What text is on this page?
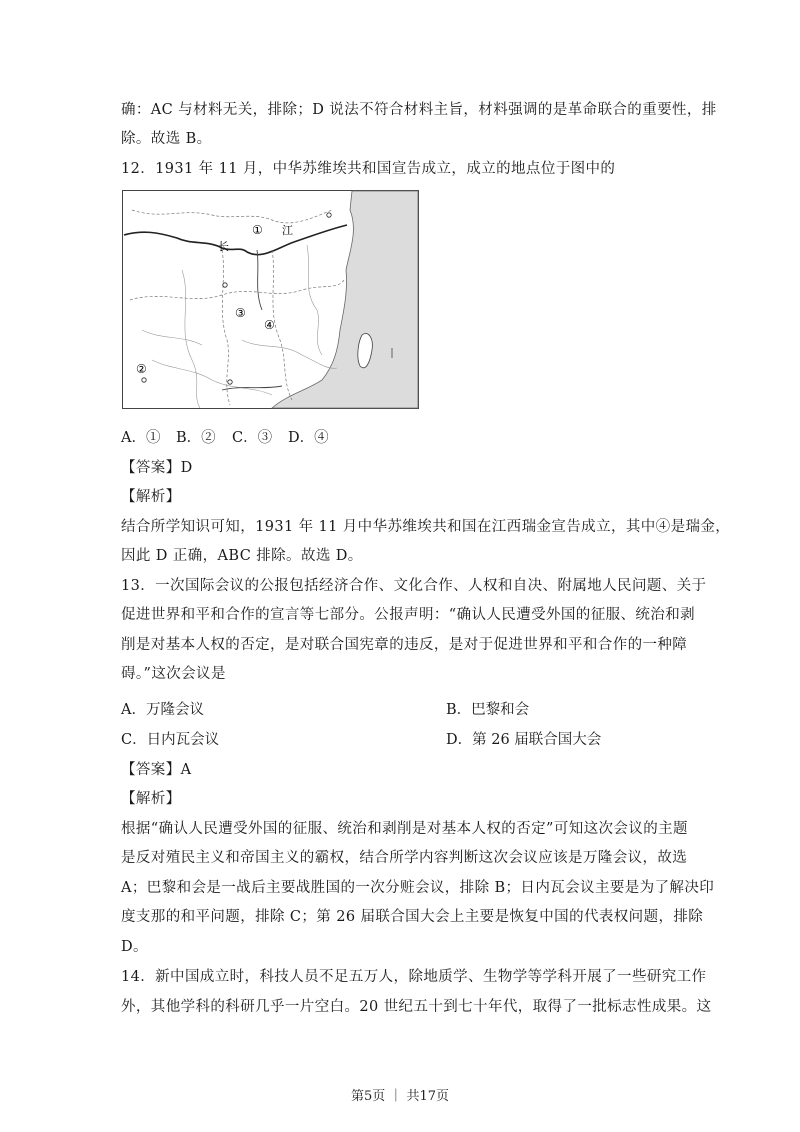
确：AC 与材料无关，排除；D 说法不符合材料主旨，材料强调的是革命联合的重要性，排
除。故选 B。
12．1931 年 11 月，中华苏维埃共和国宣告成立，成立的地点位于图中的
① 江
长
③
④
②
A．① B．② C．③ D．④
【答案】D
【解析】
结合所学知识可知，1931 年 11 月中华苏维埃共和国在江西瑞金宣告成立，其中④是瑞金，
因此 D 正确，ABC 排除。故选 D。
13．一次国际会议的公报包括经济合作、文化合作、人权和自决、附属地人民问题、关于
促进世界和平和合作的宣言等七部分。公报声明：“确认人民遭受外国的征服、统治和剥
削是对基本人权的否定，是对联合国宪章的违反，是对于促进世界和平和合作的一种障
碍。”这次会议是
A．万隆会议	B．巴黎和会
C．日内瓦会议	D．第 26 届联合国大会
【答案】A
【解析】
根据“确认人民遭受外国的征服、统治和剥削是对基本人权的否定”可知这次会议的主题
是反对殖民主义和帝国主义的霸权，结合所学内容判断这次会议应该是万隆会议，故选
A；巴黎和会是一战后主要战胜国的一次分赃会议，排除 B；日内瓦会议主要是为了解决印
度支那的和平问题，排除 C；第 26 届联合国大会上主要是恢复中国的代表权问题，排除
D。
14．新中国成立时，科技人员不足五万人，除地质学、生物学等学科开展了一些研究工作
外，其他学科的科研几乎一片空白。20 世纪五十到七十年代，取得了一批标志性成果。这
第5页 ｜ 共17页
